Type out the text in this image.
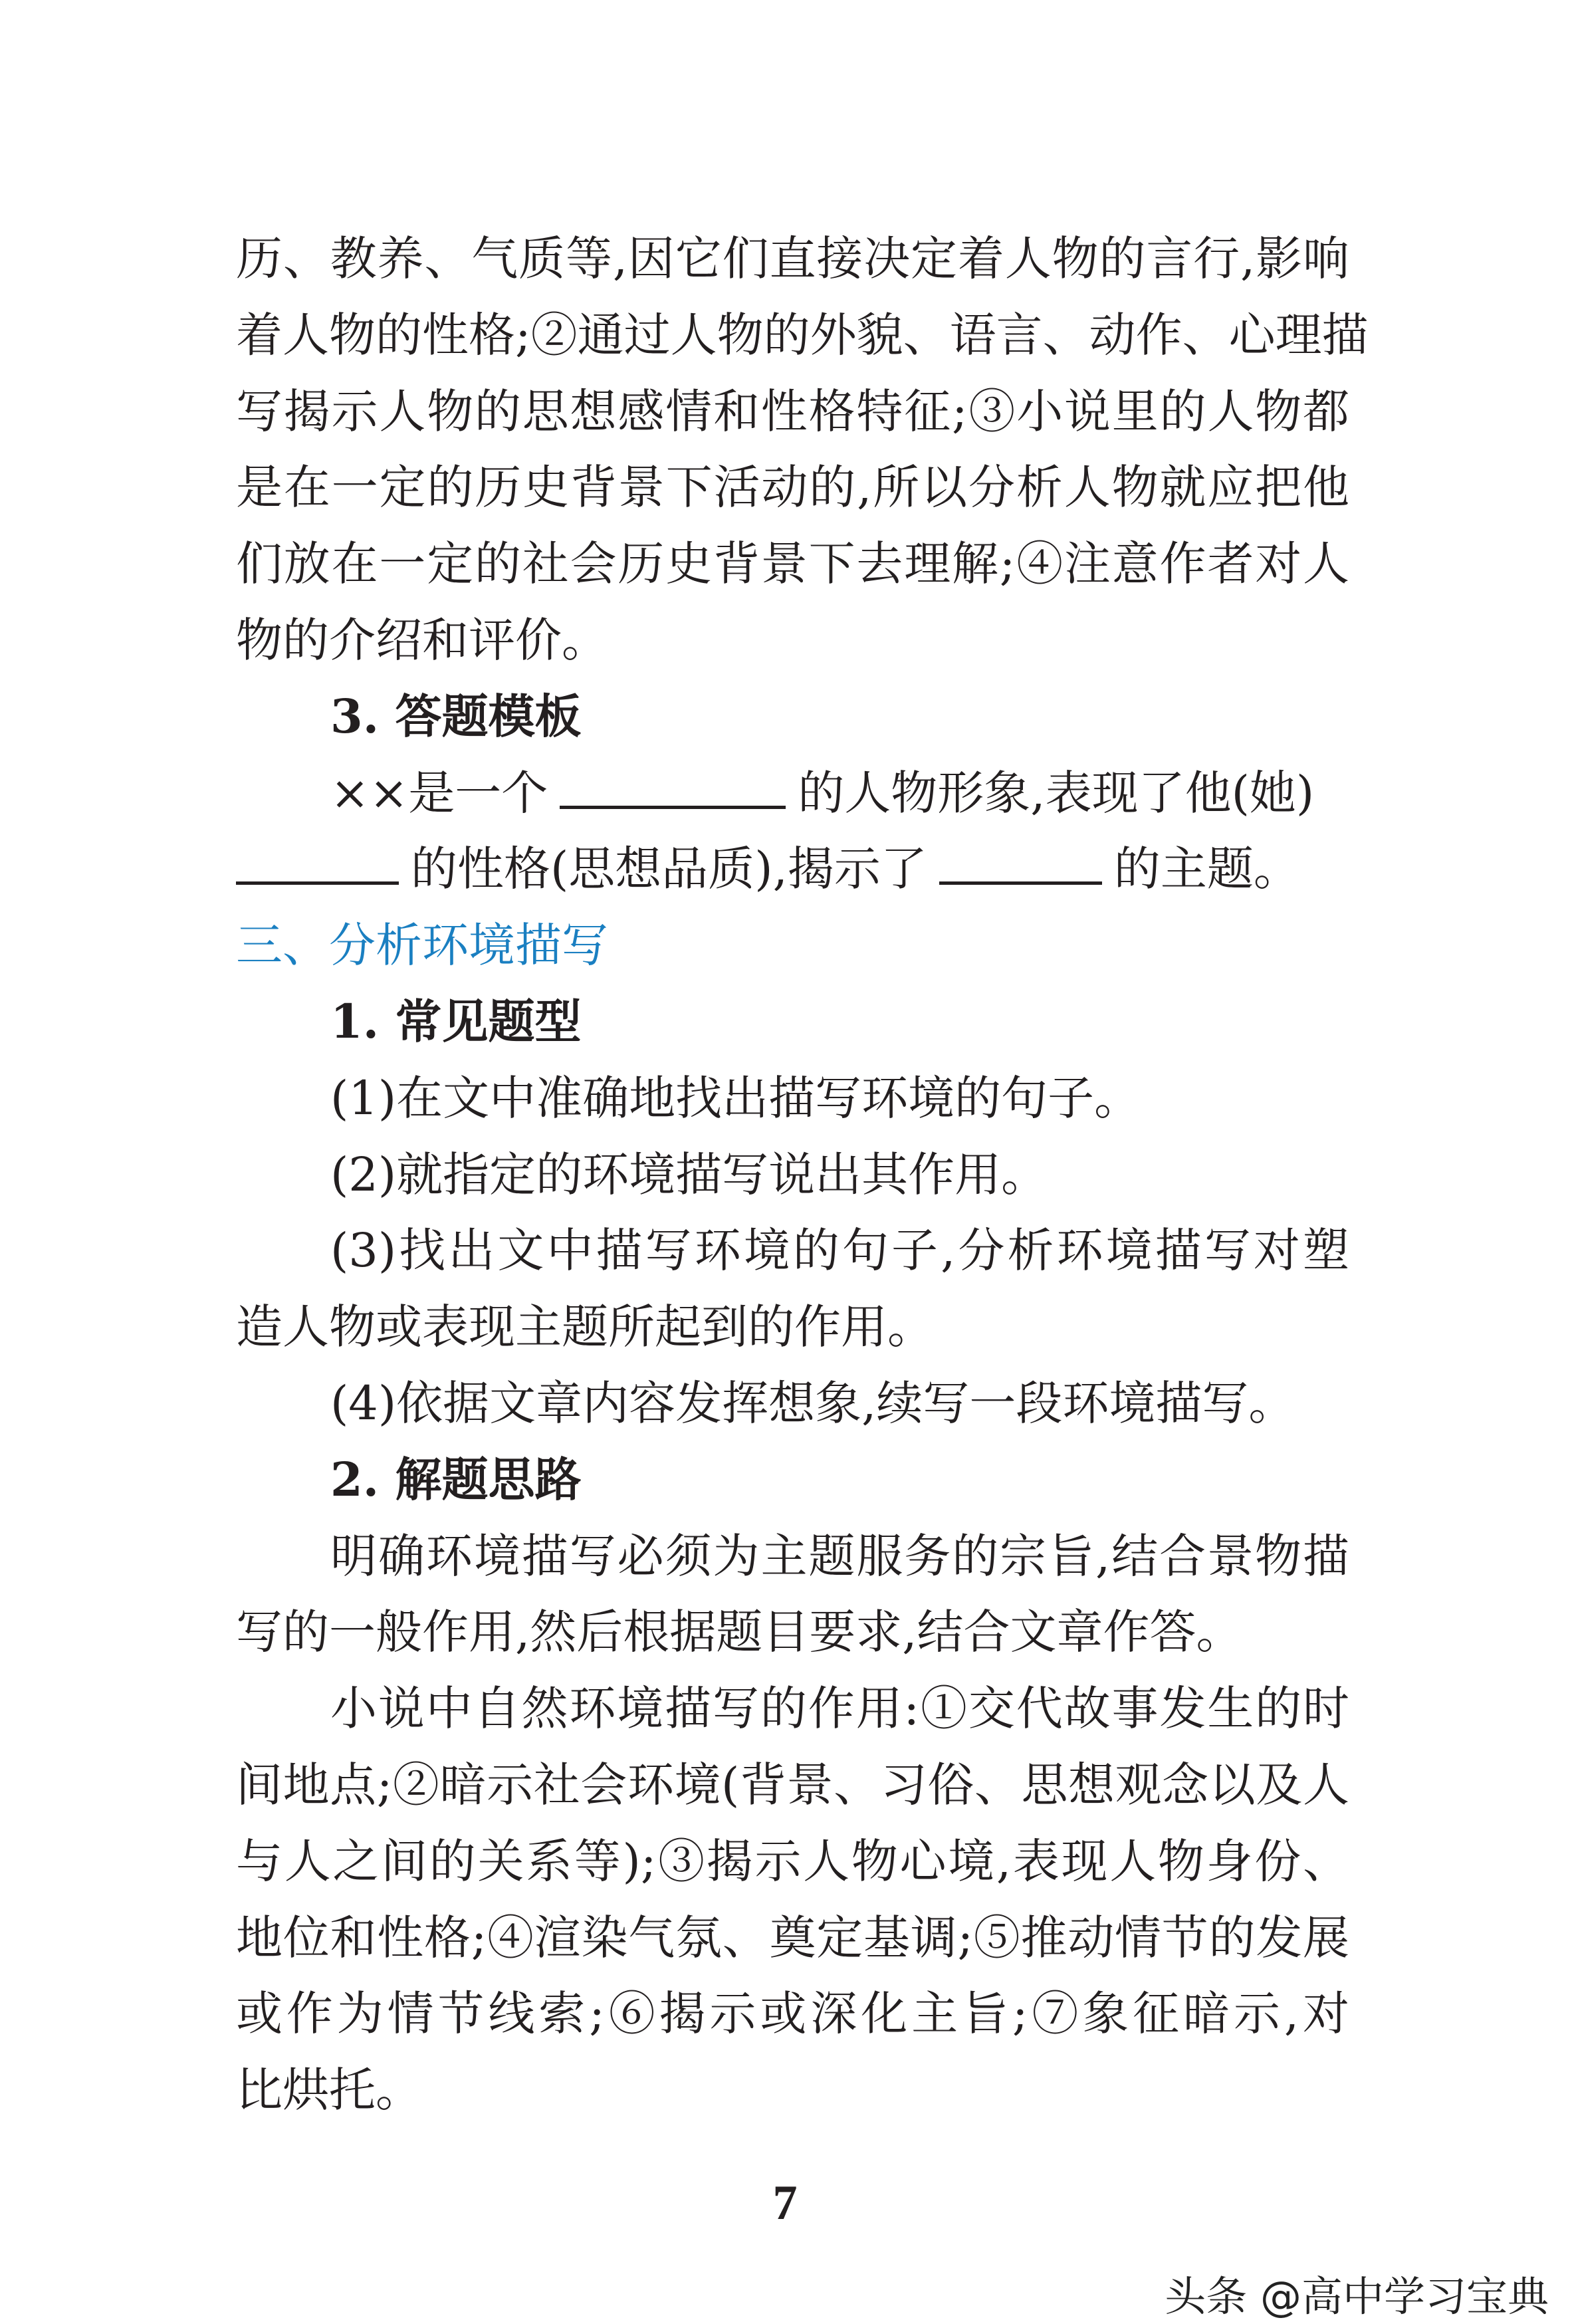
历、教养、气质等,因它们直接决定着人物的言行,影响
着人物的性格;②通过人物的外貌、语言、动作、心理描
写揭示人物的思想感情和性格特征;③小说里的人物都
是在一定的历史背景下活动的,所以分析人物就应把他
们放在一定的社会历史背景下去理解;④注意作者对人
物的介绍和评价。
3. 答题模板
××是一个	的人物形象,表现了他(她)
的性格(思想品质),揭示了	的主题。
三、分析环境描写
1. 常见题型
(1)在文中准确地找出描写环境的句子。
(2)就指定的环境描写说出其作用。
(3)找出文中描写环境的句子,分析环境描写对塑
造人物或表现主题所起到的作用。
(4)依据文章内容发挥想象,续写一段环境描写。
2. 解题思路
明确环境描写必须为主题服务的宗旨,结合景物描
写的一般作用,然后根据题目要求,结合文章作答。
小说中自然环境描写的作用:①交代故事发生的时
间地点;②暗示社会环境(背景、习俗、思想观念以及人
与人之间的关系等);③揭示人物心境,表现人物身份、
地位和性格;④渲染气氛、奠定基调;⑤推动情节的发展
或作为情节线索;⑥揭示或深化主旨;⑦象征暗示,对
比烘托。
7
头条 @高中学习宝典
